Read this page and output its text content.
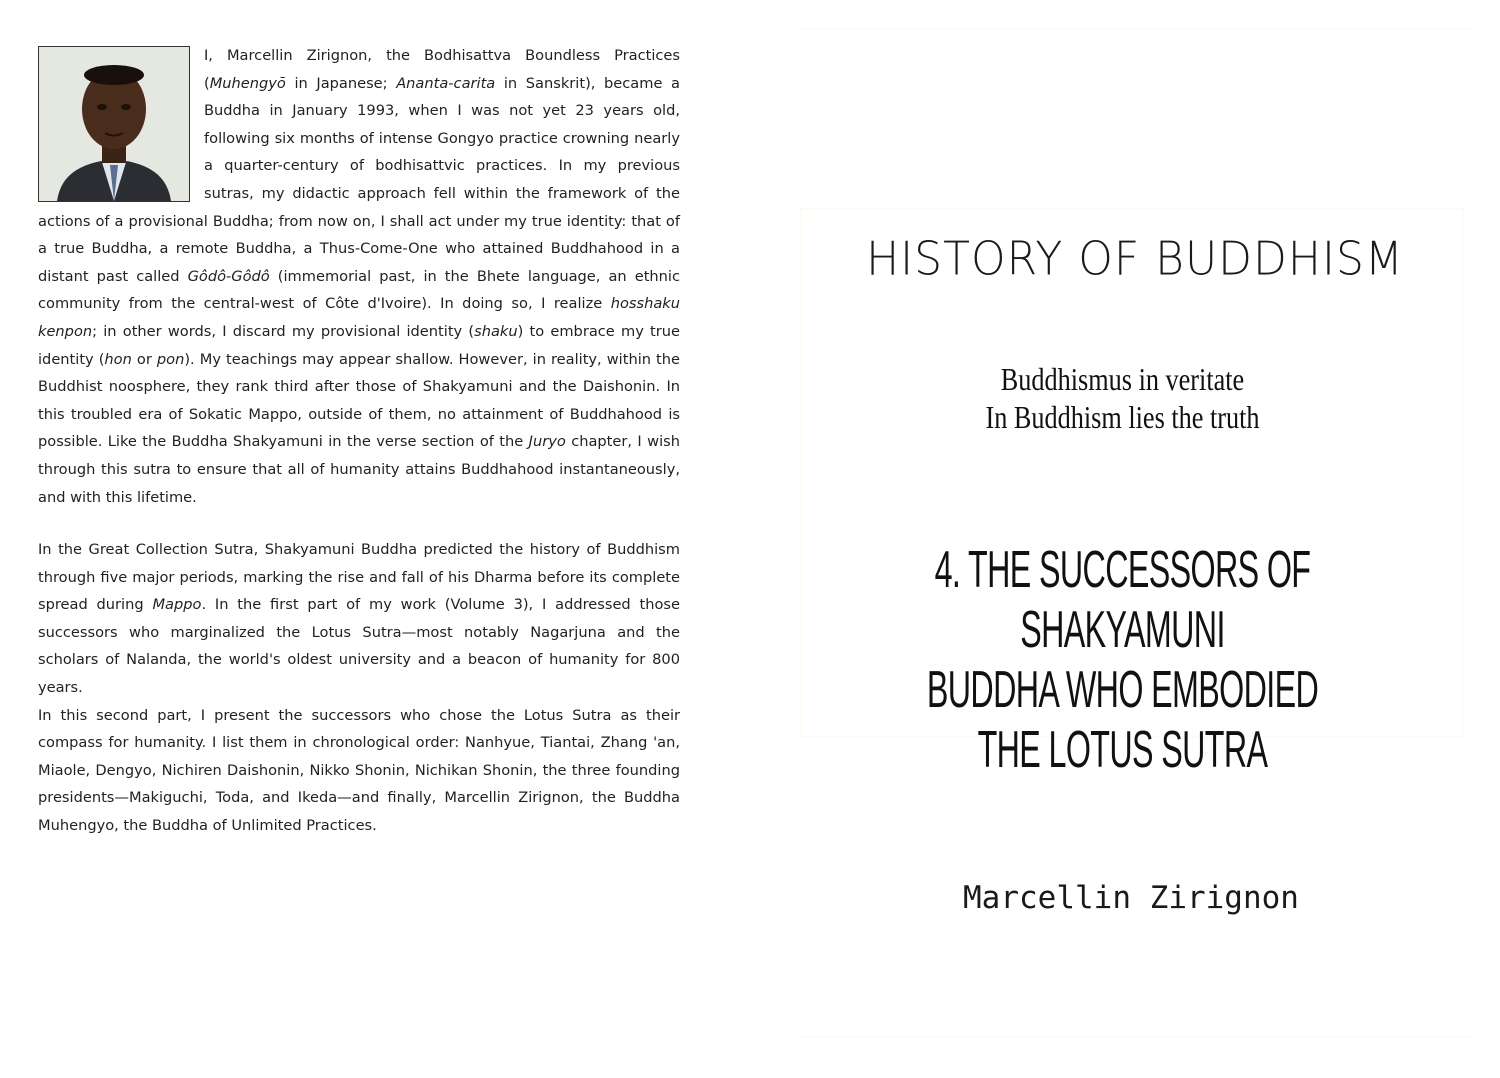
I, Marcellin Zirignon, the Bodhisattva Boundless Practices (Muhengyō in Japanese; Ananta-carita in Sanskrit), became a Buddha in January 1993, when I was not yet 23 years old, following six months of intense Gongyo practice crowning nearly a quarter-century of bodhisattvic practices. In my previous sutras, my didactic approach fell within the framework of the actions of a provisional Buddha; from now on, I shall act under my true identity: that of a true Buddha, a remote Buddha, a Thus-Come-One who attained Buddhahood in a distant past called Gôdô-Gôdô (immemorial past, in the Bhete language, an ethnic community from the central-west of Côte d'Ivoire). In doing so, I realize hosshaku kenpon; in other words, I discard my provisional identity (shaku) to embrace my true identity (hon or pon). My teachings may appear shallow. However, in reality, within the Buddhist noosphere, they rank third after those of Shakyamuni and the Daishonin. In this troubled era of Sokatic Mappo, outside of them, no attainment of Buddhahood is possible. Like the Buddha Shakyamuni in the verse section of the Juryo chapter, I wish through this sutra to ensure that all of humanity attains Buddhahood instantaneously, and with this lifetime.

In the Great Collection Sutra, Shakyamuni Buddha predicted the history of Buddhism through five major periods, marking the rise and fall of his Dharma before its complete spread during Mappo. In the first part of my work (Volume 3), I addressed those successors who marginalized the Lotus Sutra—most notably Nagarjuna and the scholars of Nalanda, the world's oldest university and a beacon of humanity for 800 years.

In this second part, I present the successors who chose the Lotus Sutra as their compass for humanity. I list them in chronological order: Nanhyue, Tiantai, Zhang 'an, Miaole, Dengyo, Nichiren Daishonin, Nikko Shonin, Nichikan Shonin, the three founding presidents—Makiguchi, Toda, and Ikeda—and finally, Marcellin Zirignon, the Buddha Muhengyo, the Buddha of Unlimited Practices.

HISTORY OF BUDDHISM
Buddhismus in veritate
In Buddhism lies the truth
4. THE SUCCESSORS OF SHAKYAMUNI
BUDDHA WHO EMBODIED THE LOTUS SUTRA
Marcellin Zirignon
